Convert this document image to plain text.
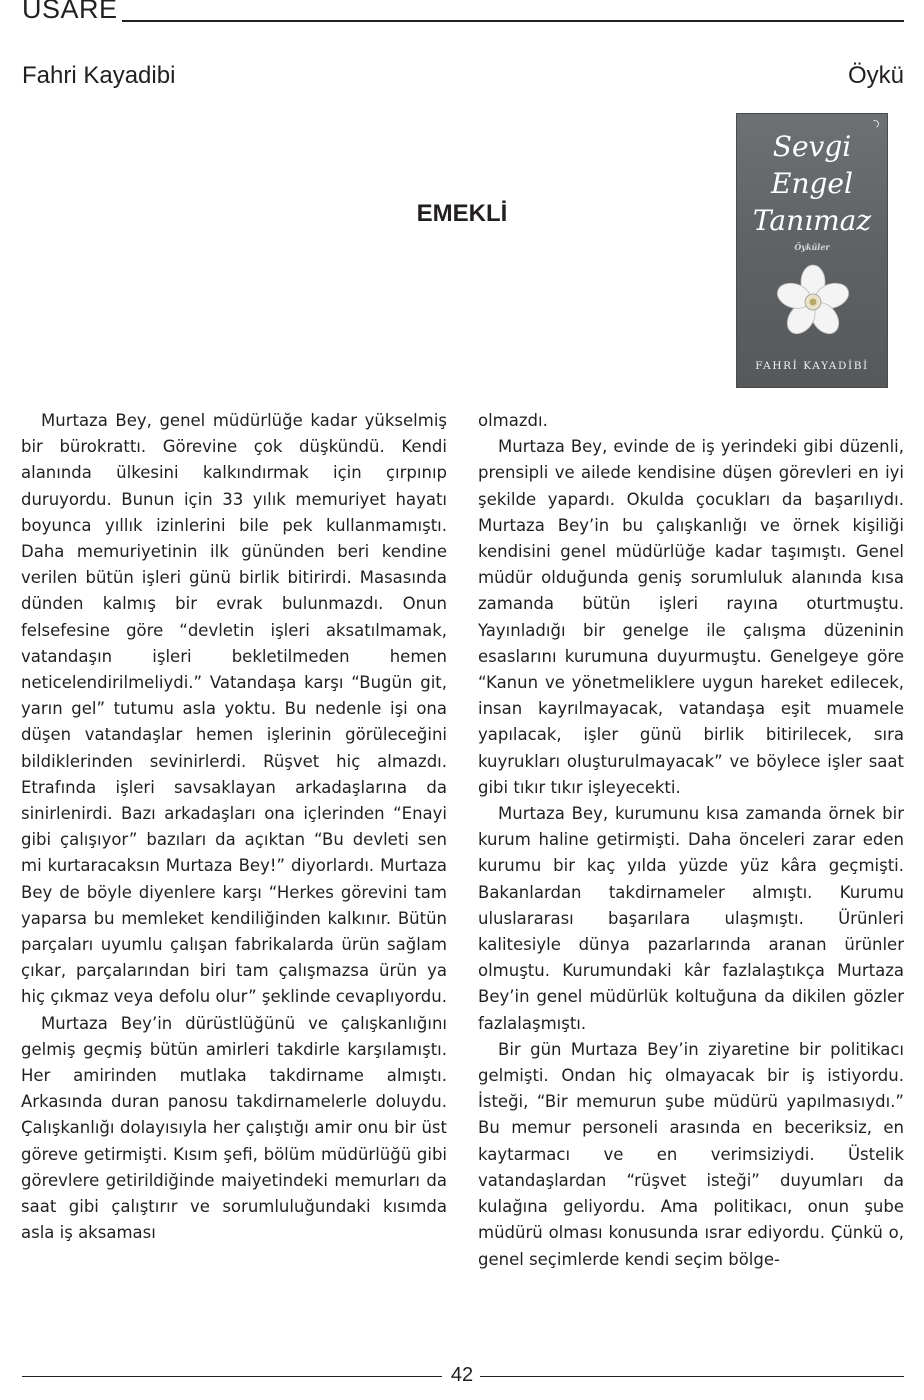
USARE
Fahri Kayadibi	Öykü
EMEKLİ
Sevgi
Engel
Tanımaz
Öyküler
FAHRİ KAYADİBİ

Murtaza Bey, genel müdürlüğe kadar yükselmiş bir bürokrattı. Görevine çok düşkündü. Kendi alanında ülkesini kalkındırmak için çırpınıp duruyordu. Bunun için 33 yılık memuriyet hayatı boyunca yıllık izinlerini bile pek kullanmamıştı. Daha memuriyetinin ilk gününden beri kendine verilen bütün işleri günü birlik bitirirdi. Masasında dünden kalmış bir evrak bulunmazdı. Onun felsefesine göre “devletin işleri aksatılmamak, vatandaşın işleri bekletilmeden hemen neticelendirilmeliydi.” Vatandaşa karşı “Bugün git, yarın gel” tutumu asla yoktu. Bu nedenle işi ona düşen vatandaşlar hemen işlerinin görüleceğini bildiklerinden sevinirlerdi. Rüşvet hiç almazdı. Etrafında işleri savsaklayan arkadaşlarına da sinirlenirdi. Bazı arkadaşları ona içlerinden “Enayi gibi çalışıyor” bazıları da açıktan “Bu devleti sen mi kurtaracaksın Murtaza Bey!” diyorlardı. Murtaza Bey de böyle diyenlere karşı “Herkes görevini tam yaparsa bu memleket kendiliğinden kalkınır. Bütün parçaları uyumlu çalışan fabrikalarda ürün sağlam çıkar, parçalarından biri tam çalışmazsa ürün ya hiç çıkmaz veya defolu olur” şeklinde cevaplıyordu.

Murtaza Bey’in dürüstlüğünü ve çalışkanlığını gelmiş geçmiş bütün amirleri takdirle karşılamıştı. Her amirinden mutlaka takdirname almıştı. Arkasında duran panosu takdirnamelerle doluydu. Çalışkanlığı dolayısıyla her çalıştığı amir onu bir üst göreve getirmişti. Kısım şefi, bölüm müdürlüğü gibi görevlere getirildiğinde maiyetindeki memurları da saat gibi çalıştırır ve sorumluluğundaki kısımda asla iş aksaması

olmazdı.

Murtaza Bey, evinde de iş yerindeki gibi düzenli, prensipli ve ailede kendisine düşen görevleri en iyi şekilde yapardı. Okulda çocukları da başarılıydı. Murtaza Bey’in bu çalışkanlığı ve örnek kişiliği kendisini genel müdürlüğe kadar taşımıştı. Genel müdür olduğunda geniş sorumluluk alanında kısa zamanda bütün işleri rayına oturtmuştu. Yayınladığı bir genelge ile çalışma düzeninin esaslarını kurumuna duyurmuştu. Genelgeye göre “Kanun ve yönetmeliklere uygun hareket edilecek, insan kayrılmayacak, vatandaşa eşit muamele yapılacak, işler günü birlik bitirilecek, sıra kuyrukları oluşturulmayacak” ve böylece işler saat gibi tıkır tıkır işleyecekti.

Murtaza Bey, kurumunu kısa zamanda örnek bir kurum haline getirmişti. Daha önceleri zarar eden kurumu bir kaç yılda yüzde yüz kâra geçmişti. Bakanlardan takdirnameler almıştı. Kurumu uluslararası başarılara ulaşmıştı. Ürünleri kalitesiyle dünya pazarlarında aranan ürünler olmuştu. Kurumundaki kâr fazlalaştıkça Murtaza Bey’in genel müdürlük koltuğuna da dikilen gözler fazlalaşmıştı.

Bir gün Murtaza Bey’in ziyaretine bir politikacı gelmişti. Ondan hiç olmayacak bir iş istiyordu. İsteği, “Bir memurun şube müdürü yapılmasıydı.” Bu memur personeli arasında en beceriksiz, en kaytarmacı ve en verimsiziydi. Üstelik vatandaşlardan “rüşvet isteği” duyumları da kulağına geliyordu. Ama politikacı, onun şube müdürü olması konusunda ısrar ediyordu. Çünkü o, genel seçimlerde kendi seçim bölge-

42
